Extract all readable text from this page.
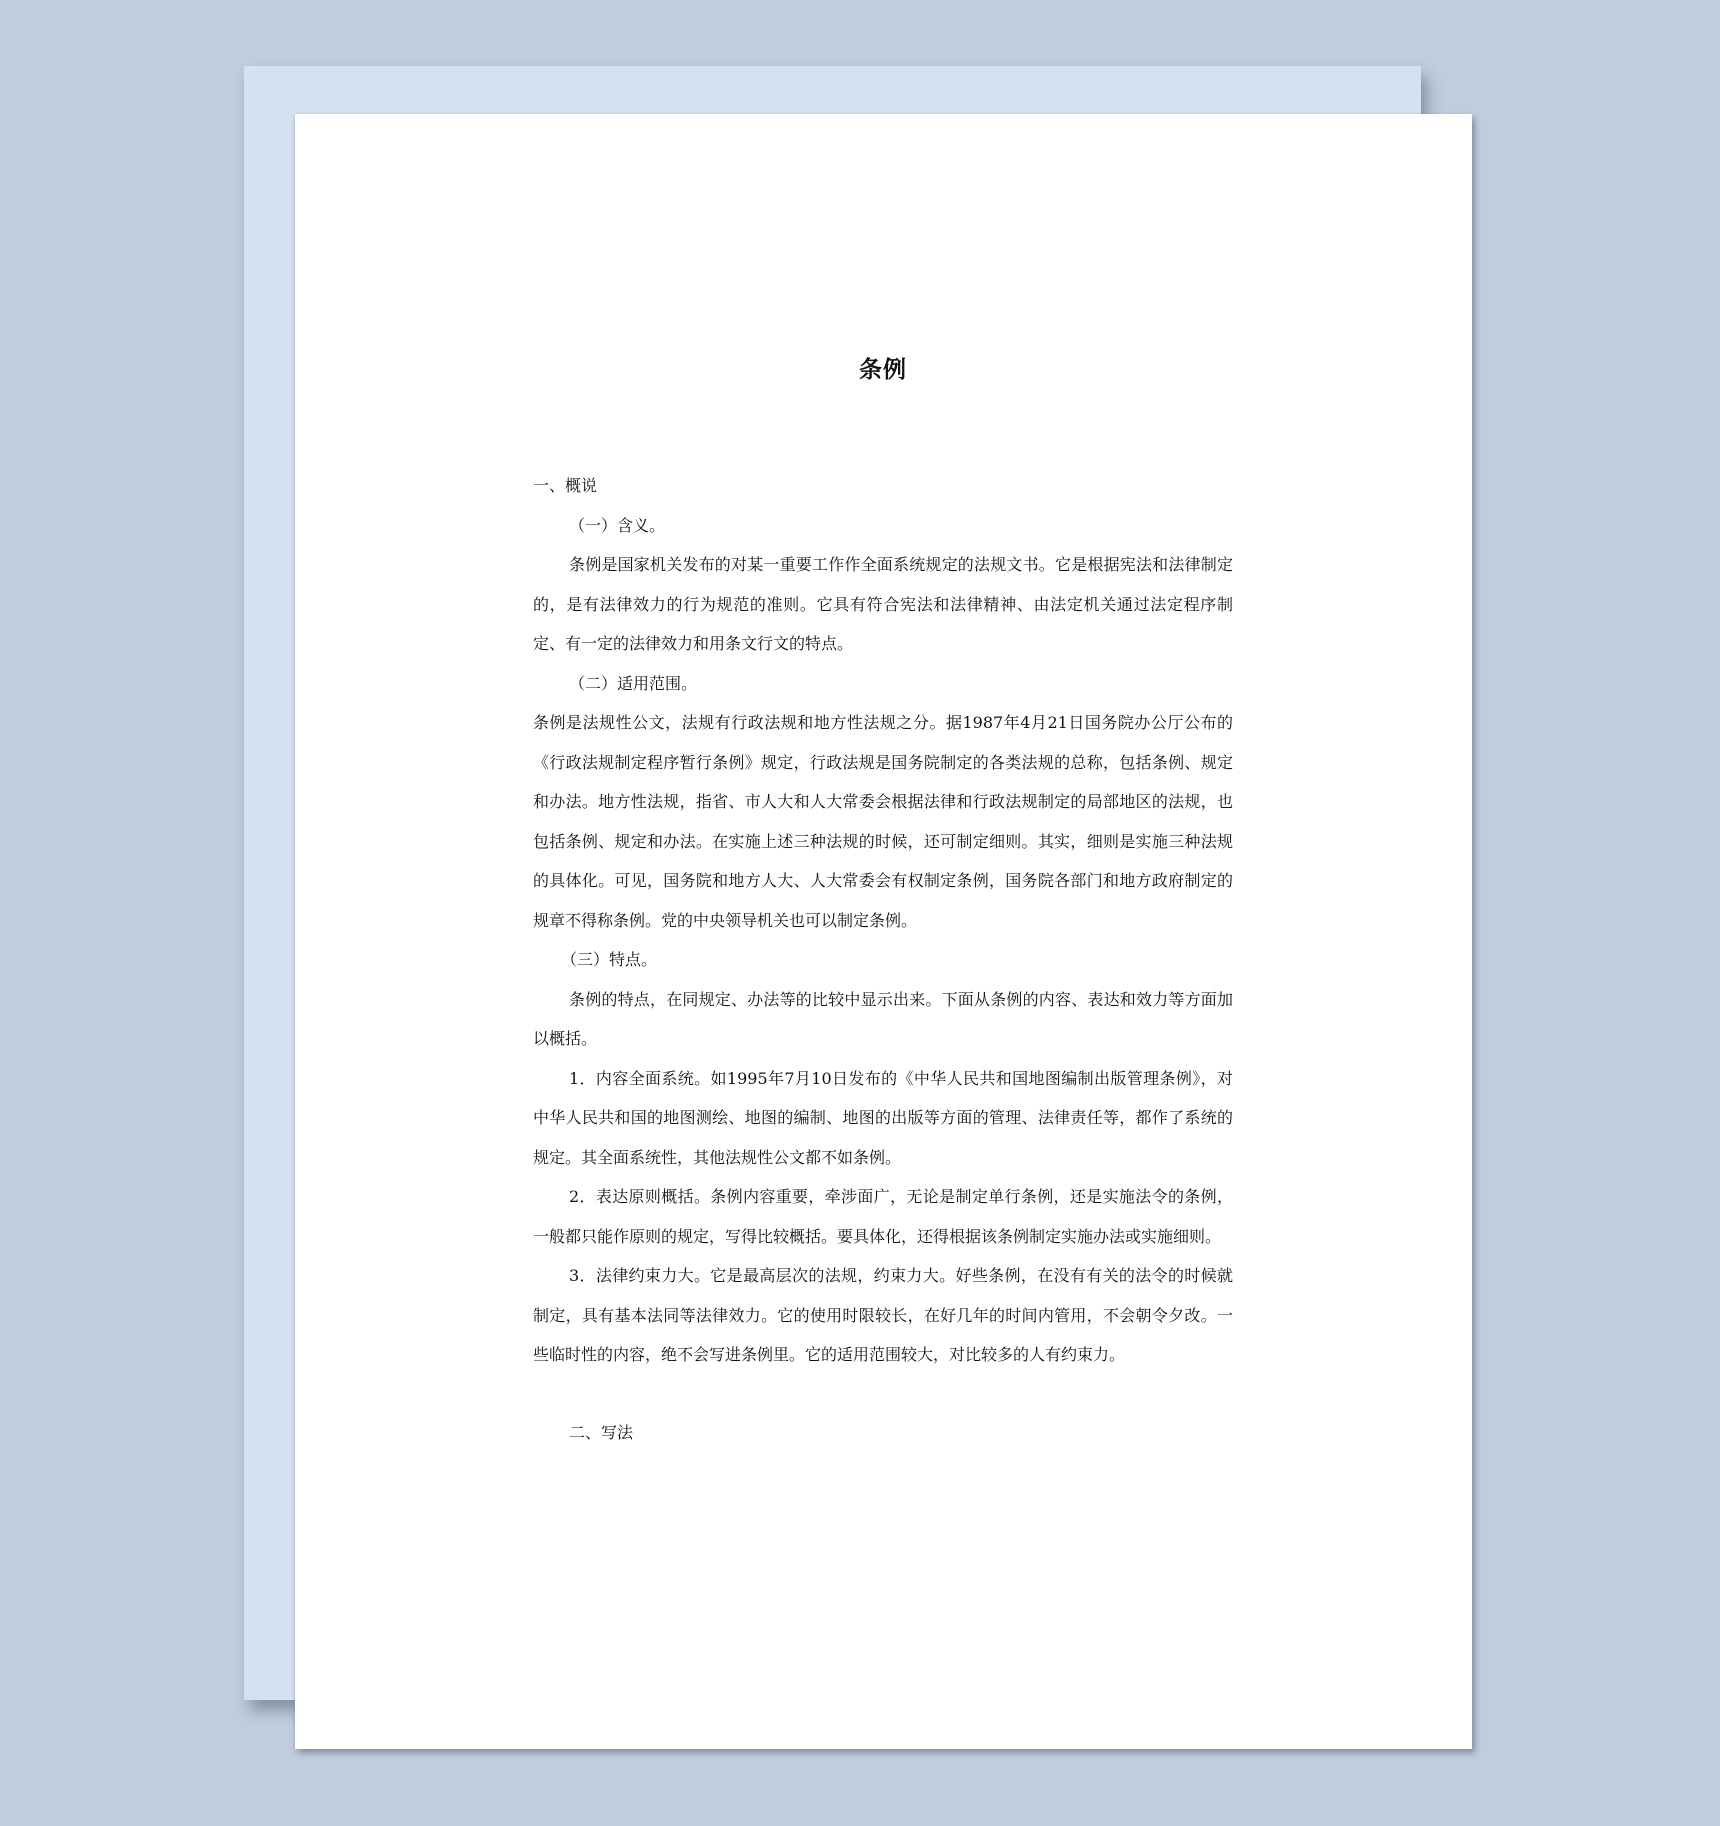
条例

一、概说

（一）含义。

条例是国家机关发布的对某一重要工作作全面系统规定的法规文书。它是根据宪法和法律制定的，是有法律效力的行为规范的准则。它具有符合宪法和法律精神、由法定机关通过法定程序制定、有一定的法律效力和用条文行文的特点。

（二）适用范围。

条例是法规性公文，法规有行政法规和地方性法规之分。据1987年4月21日国务院办公厅公布的《行政法规制定程序暂行条例》规定，行政法规是国务院制定的各类法规的总称，包括条例、规定和办法。地方性法规，指省、市人大和人大常委会根据法律和行政法规制定的局部地区的法规，也包括条例、规定和办法。在实施上述三种法规的时候，还可制定细则。其实，细则是实施三种法规的具体化。可见，国务院和地方人大、人大常委会有权制定条例，国务院各部门和地方政府制定的规章不得称条例。党的中央领导机关也可以制定条例。

（三）特点。

条例的特点，在同规定、办法等的比较中显示出来。下面从条例的内容、表达和效力等方面加以概括。

1．内容全面系统。如1995年7月10日发布的《中华人民共和国地图编制出版管理条例》，对中华人民共和国的地图测绘、地图的编制、地图的出版等方面的管理、法律责任等，都作了系统的规定。其全面系统性，其他法规性公文都不如条例。

2．表达原则概括。条例内容重要，牵涉面广，无论是制定单行条例，还是实施法令的条例，一般都只能作原则的规定，写得比较概括。要具体化，还得根据该条例制定实施办法或实施细则。

3．法律约束力大。它是最高层次的法规，约束力大。好些条例，在没有有关的法令的时候就制定，具有基本法同等法律效力。它的使用时限较长，在好几年的时间内管用，不会朝令夕改。一些临时性的内容，绝不会写进条例里。它的适用范围较大，对比较多的人有约束力。

二、写法
